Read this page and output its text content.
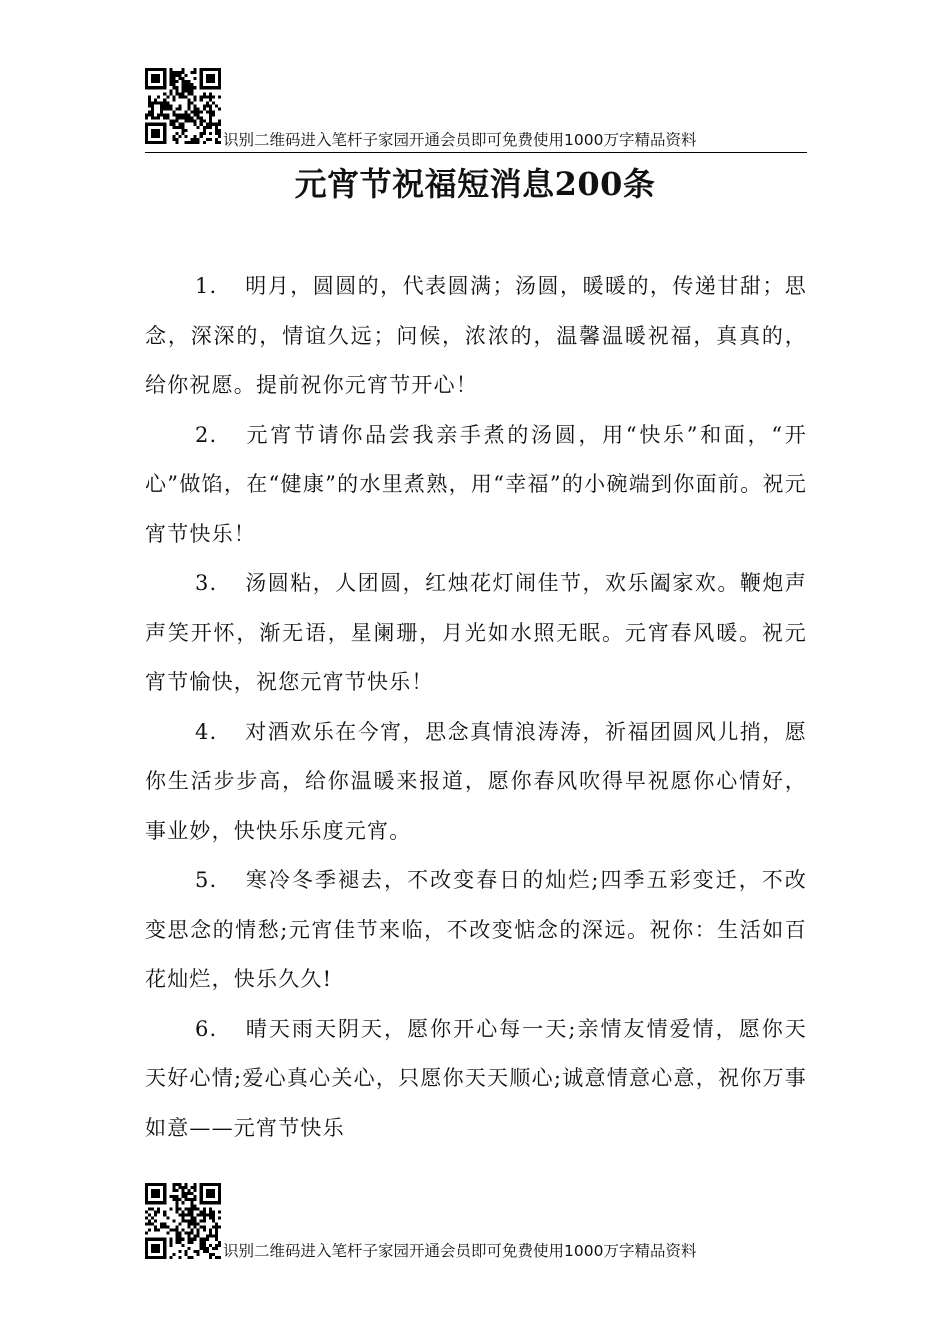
识别二维码进入笔杆子家园开通会员即可免费使用1000万字精品资料
元宵节祝福短消息200条

1. 明月，圆圆的，代表圆满；汤圆，暖暖的，传递甘甜；思念，深深的，情谊久远；问候，浓浓的，温馨温暖祝福，真真的，给你祝愿。提前祝你元宵节开心！

2. 元宵节请你品尝我亲手煮的汤圆，用“快乐”和面，“开心”做馅，在“健康”的水里煮熟，用“幸福”的小碗端到你面前。祝元宵节快乐！

3. 汤圆粘，人团圆，红烛花灯闹佳节，欢乐阖家欢。鞭炮声声笑开怀，渐无语，星阑珊，月光如水照无眠。元宵春风暖。祝元宵节愉快，祝您元宵节快乐！

4. 对酒欢乐在今宵，思念真情浪涛涛，祈福团圆风儿捎，愿你生活步步高，给你温暖来报道，愿你春风吹得早祝愿你心情好，事业妙，快快乐乐度元宵。

5. 寒冷冬季褪去，不改变春日的灿烂;四季五彩变迁，不改变思念的情愁;元宵佳节来临，不改变惦念的深远。祝你：生活如百花灿烂，快乐久久!

6. 晴天雨天阴天，愿你开心每一天;亲情友情爱情，愿你天天好心情;爱心真心关心，只愿你天天顺心;诚意情意心意，祝你万事如意——元宵节快乐

识别二维码进入笔杆子家园开通会员即可免费使用1000万字精品资料
